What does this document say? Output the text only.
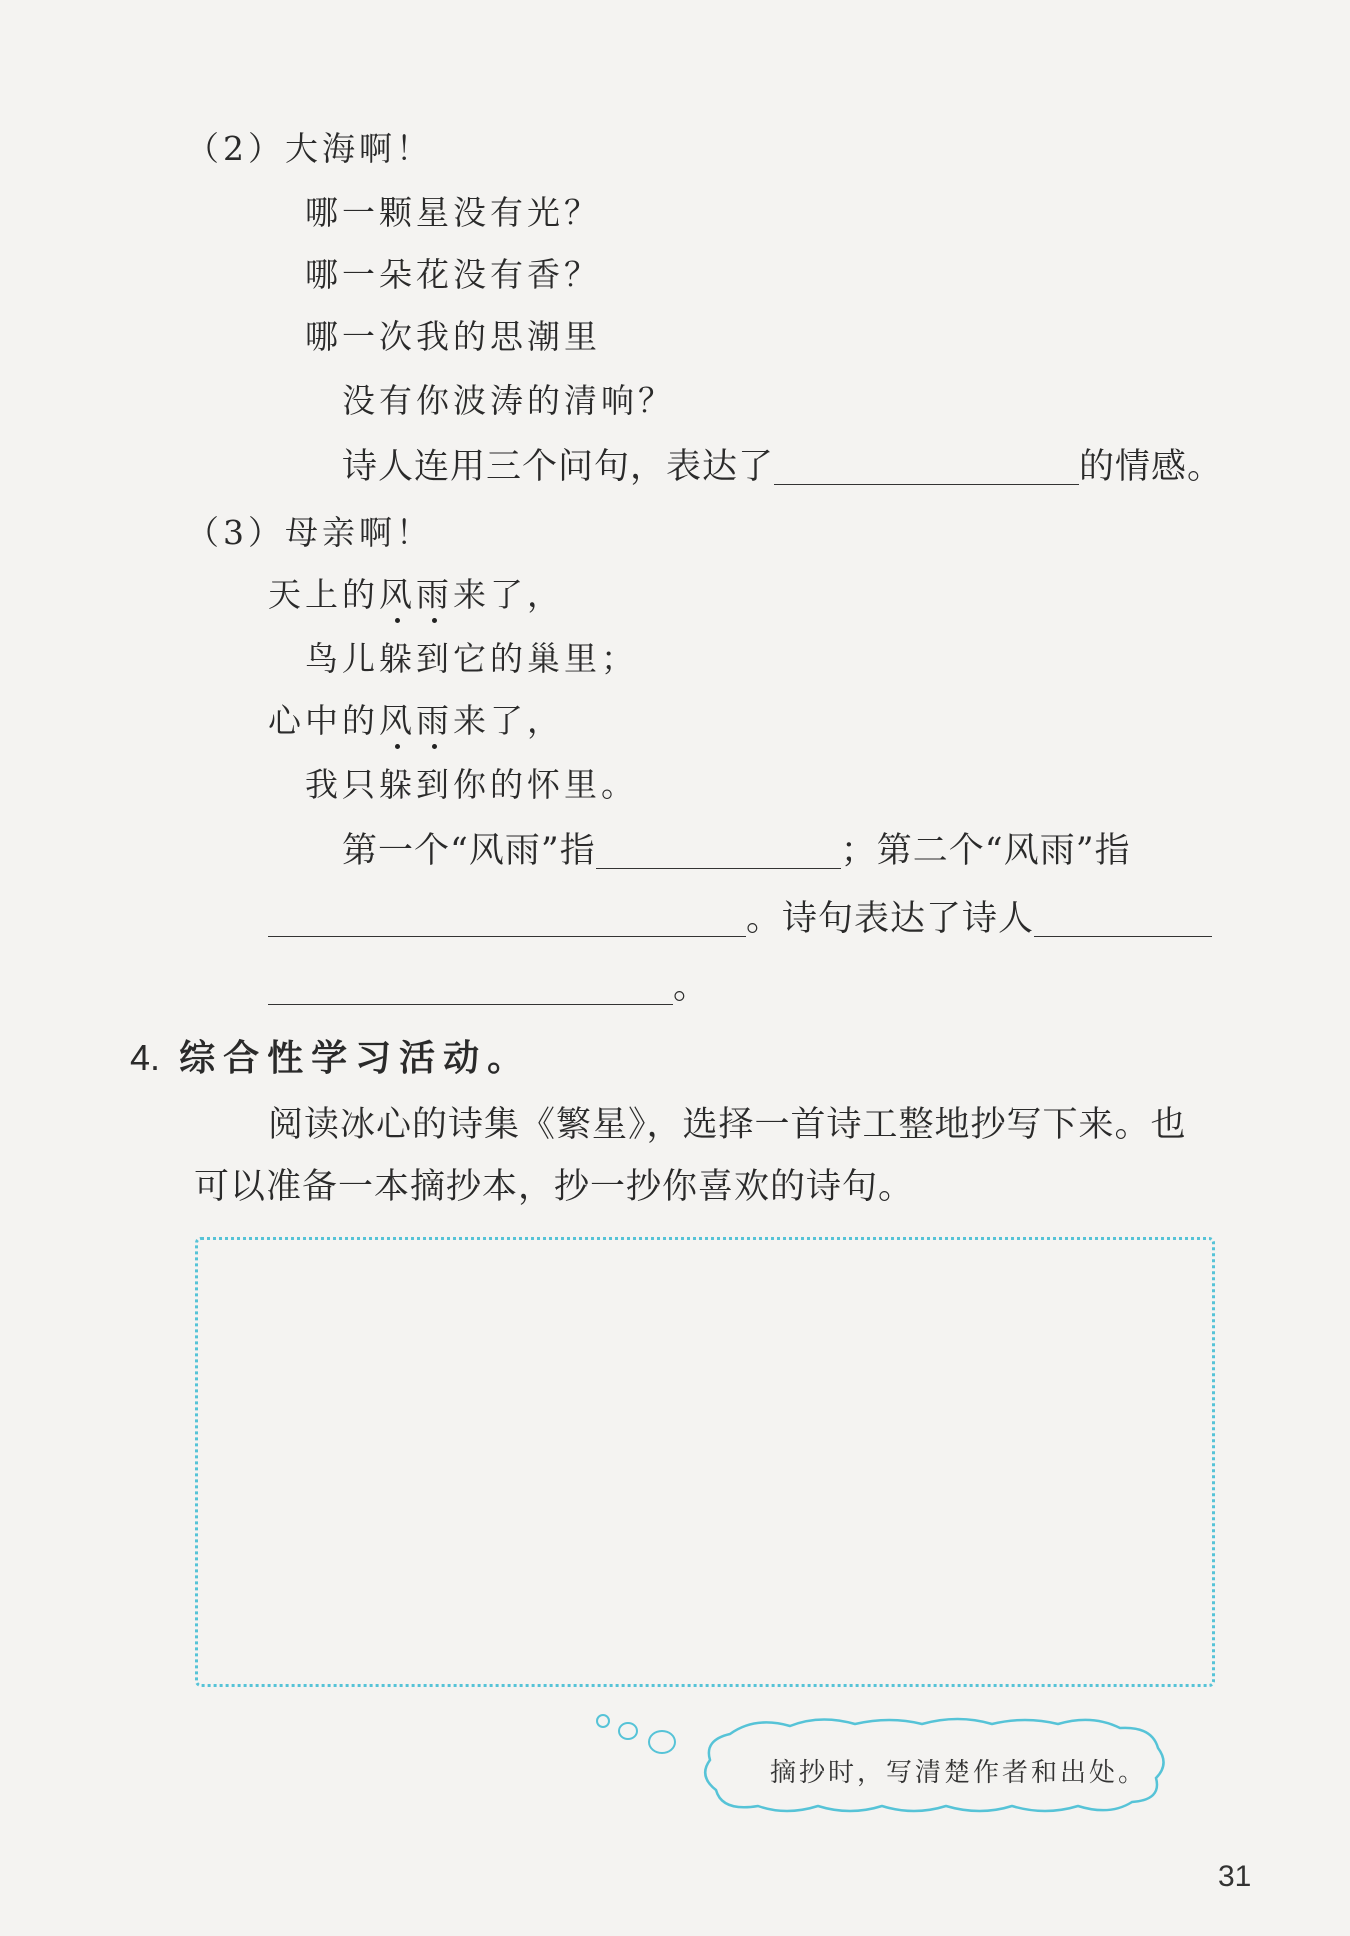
（2）大海啊！
哪一颗星没有光？
哪一朵花没有香？
哪一次我的思潮里
没有你波涛的清响？
诗人连用三个问句，表达了	的情感。
（3）母亲啊！
天上的风雨来了，
鸟儿躲到它的巢里；
心中的风雨来了，
我只躲到你的怀里。
第一个“风雨”指	；第二个“风雨”指
。诗句表达了诗人
。
4. 综合性学习活动。
阅读冰心的诗集《繁星》，选择一首诗工整地抄写下来。也
可以准备一本摘抄本，抄一抄你喜欢的诗句。
摘抄时，写清楚作者和出处。
31
